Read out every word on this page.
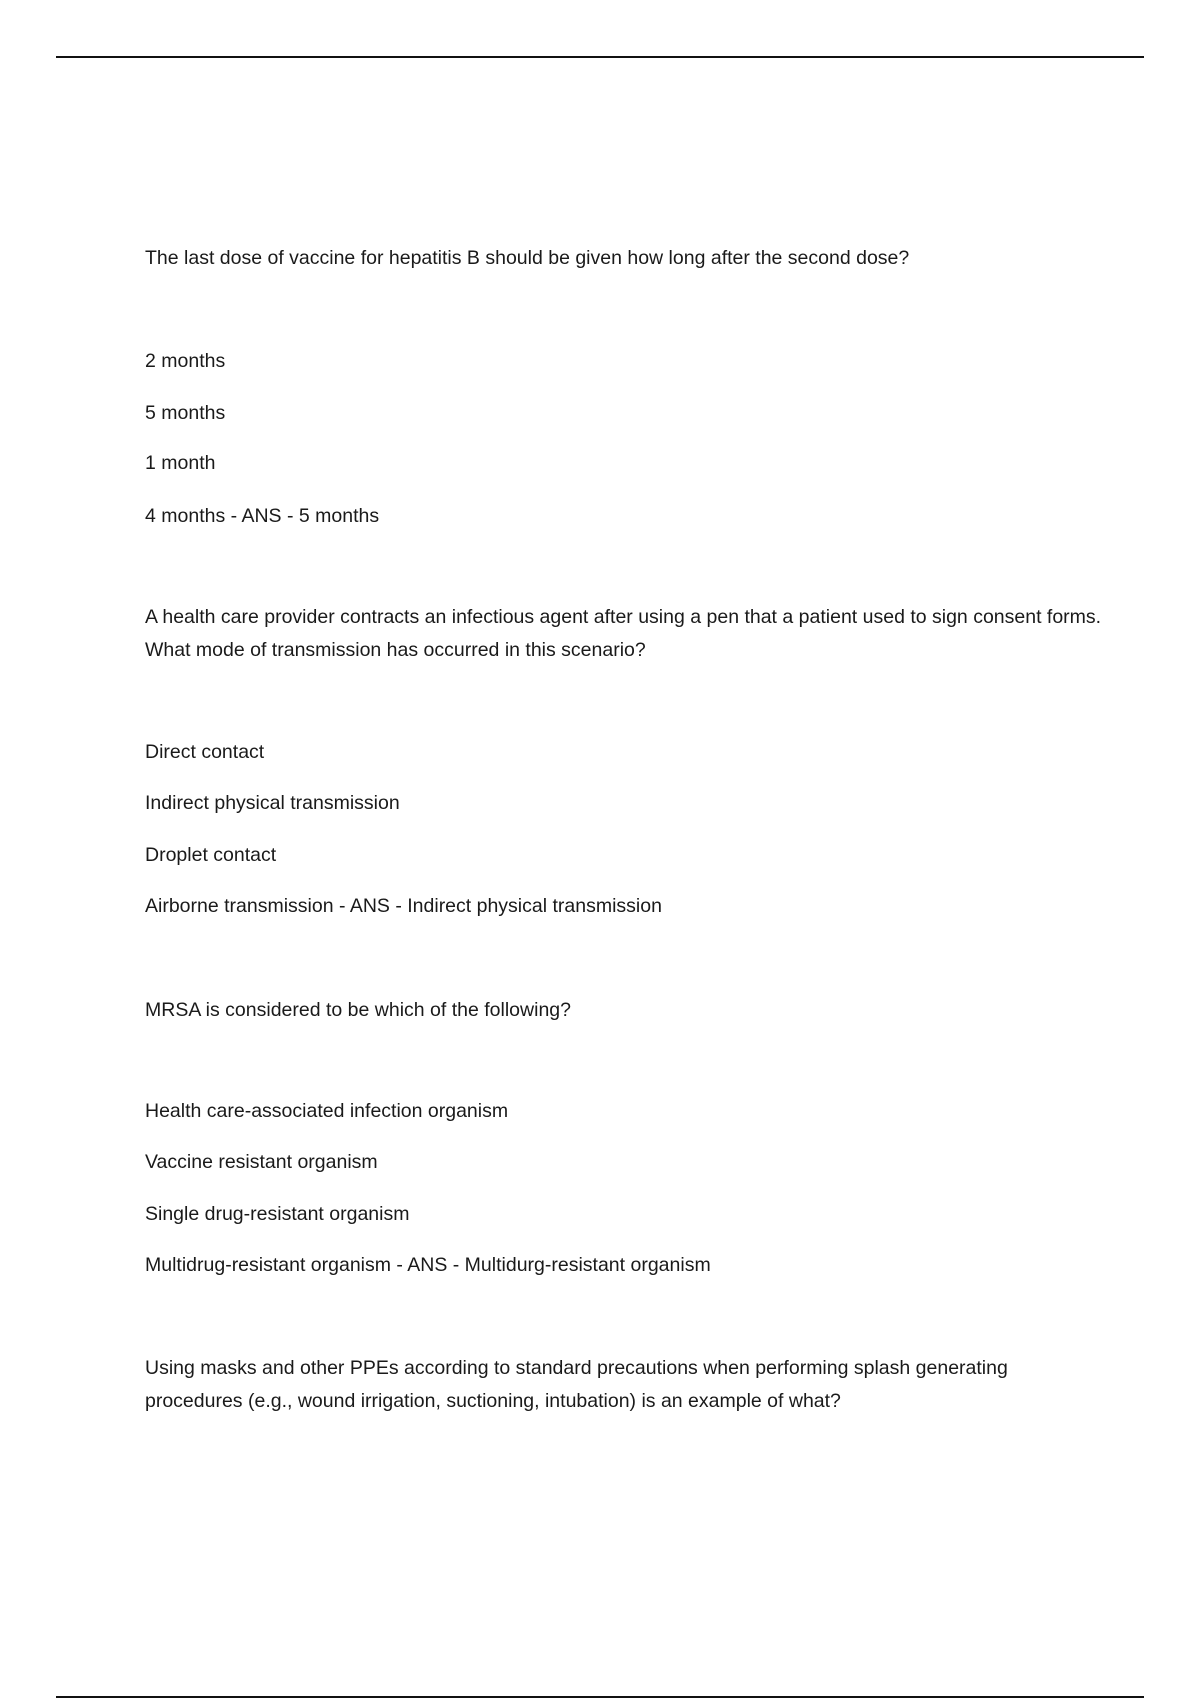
The last dose of vaccine for hepatitis B should be given how long after the second dose?
2 months
5 months
1 month
4 months - ANS - 5 months
A health care provider contracts an infectious agent after using a pen that a patient used to sign consent forms. What mode of transmission has occurred in this scenario?
Direct contact
Indirect physical transmission
Droplet contact
Airborne transmission - ANS - Indirect physical transmission
MRSA is considered to be which of the following?
Health care-associated infection organism
Vaccine resistant organism
Single drug-resistant organism
Multidrug-resistant organism - ANS - Multidurg-resistant organism
Using masks and other PPEs according to standard precautions when performing splash generating procedures (e.g., wound irrigation, suctioning, intubation) is an example of what?
